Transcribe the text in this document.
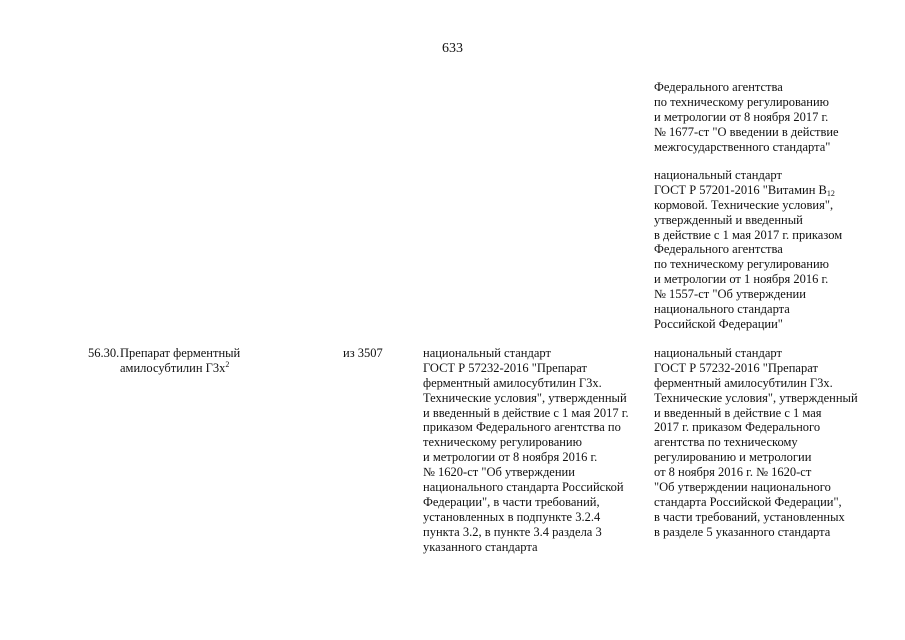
633
Федерального агентства
по техническому регулированию
и метрологии от 8 ноября 2017 г.
№ 1677-ст "О введении в действие
межгосударственного стандарта"
национальный стандарт
ГОСТ Р 57201-2016 "Витамин $В_{12}$
кормовой. Технические условия",
утвержденный и введенный
в действие с 1 мая 2017 г. приказом
Федерального агентства
по техническому регулированию
и метрологии от 1 ноября 2016 г.
№ 1557-ст "Об утверждении
национального стандарта
Российской Федерации"
56.30. Препарат ферментный
амилосубтилин $Г3х^2$
из 3507	национальный стандарт
ГОСТ Р 57232-2016 "Препарат
ферментный амилосубтилин Г3х.
Технические условия", утвержденный
и введенный в действие с 1 мая 2017 г.
приказом Федерального агентства по
техническому регулированию
и метрологии от 8 ноября 2016 г.
№ 1620-ст "Об утверждении
национального стандарта Российской
Федерации", в части требований,
установленных в подпункте 3.2.4
пункта 3.2, в пункте 3.4 раздела 3
указанного стандарта
национальный стандарт
ГОСТ Р 57232-2016 "Препарат
ферментный амилосубтилин Г3х.
Технические условия", утвержденный
и введенный в действие с 1 мая
2017 г. приказом Федерального
агентства по техническому
регулированию и метрологии
от 8 ноября 2016 г. № 1620-ст
"Об утверждении национального
стандарта Российской Федерации",
в части требований, установленных
в разделе 5 указанного стандарта
